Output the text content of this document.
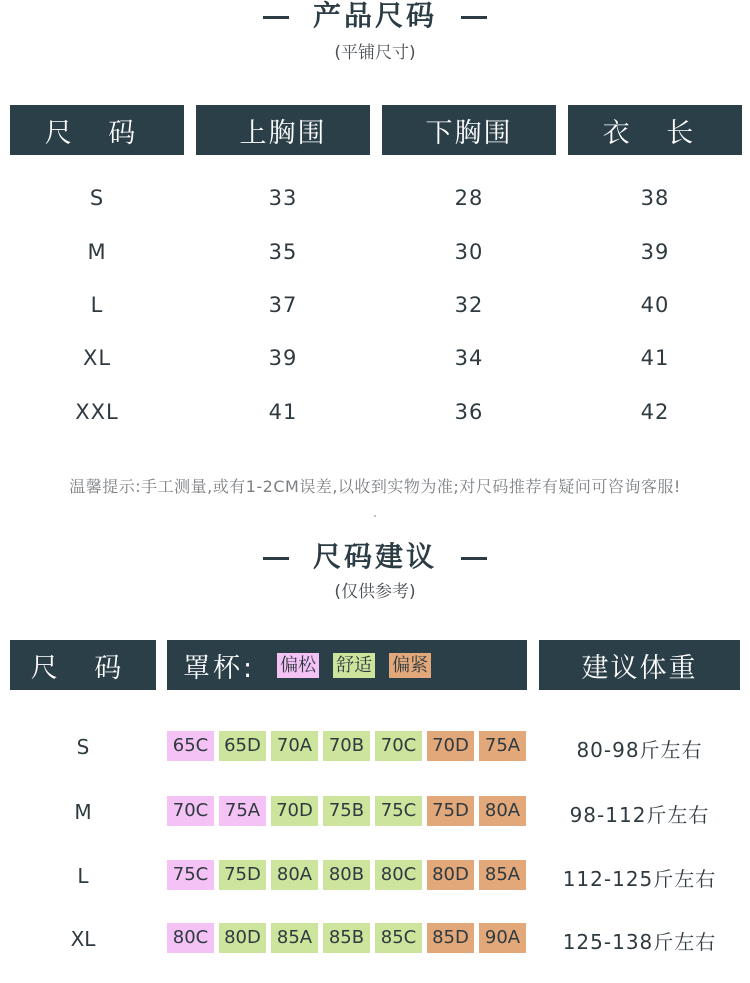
产品尺码
(平铺尺寸)
尺 码	上胸围	下胸围	衣 长
S	33	28	38
M	35	30	39
L	37	32	40
XL	39	34	41
XXL	41	36	42
温馨提示:手工测量,或有1-2CM误差,以收到实物为准;对尺码推荐有疑问可咨询客服!
尺码建议
(仅供参考)
尺 码	罩杯: 偏松 舒适 偏紧	建议体重
S	65C 65D 70A 70B 70C 70D 75A	80-98斤左右
M	70C 75A 70D 75B 75C 75D 80A	98-112斤左右
L	75C 75D 80A 80B 80C 80D 85A	112-125斤左右
XL	80C 80D 85A 85B 85C 85D 90A	125-138斤左右
